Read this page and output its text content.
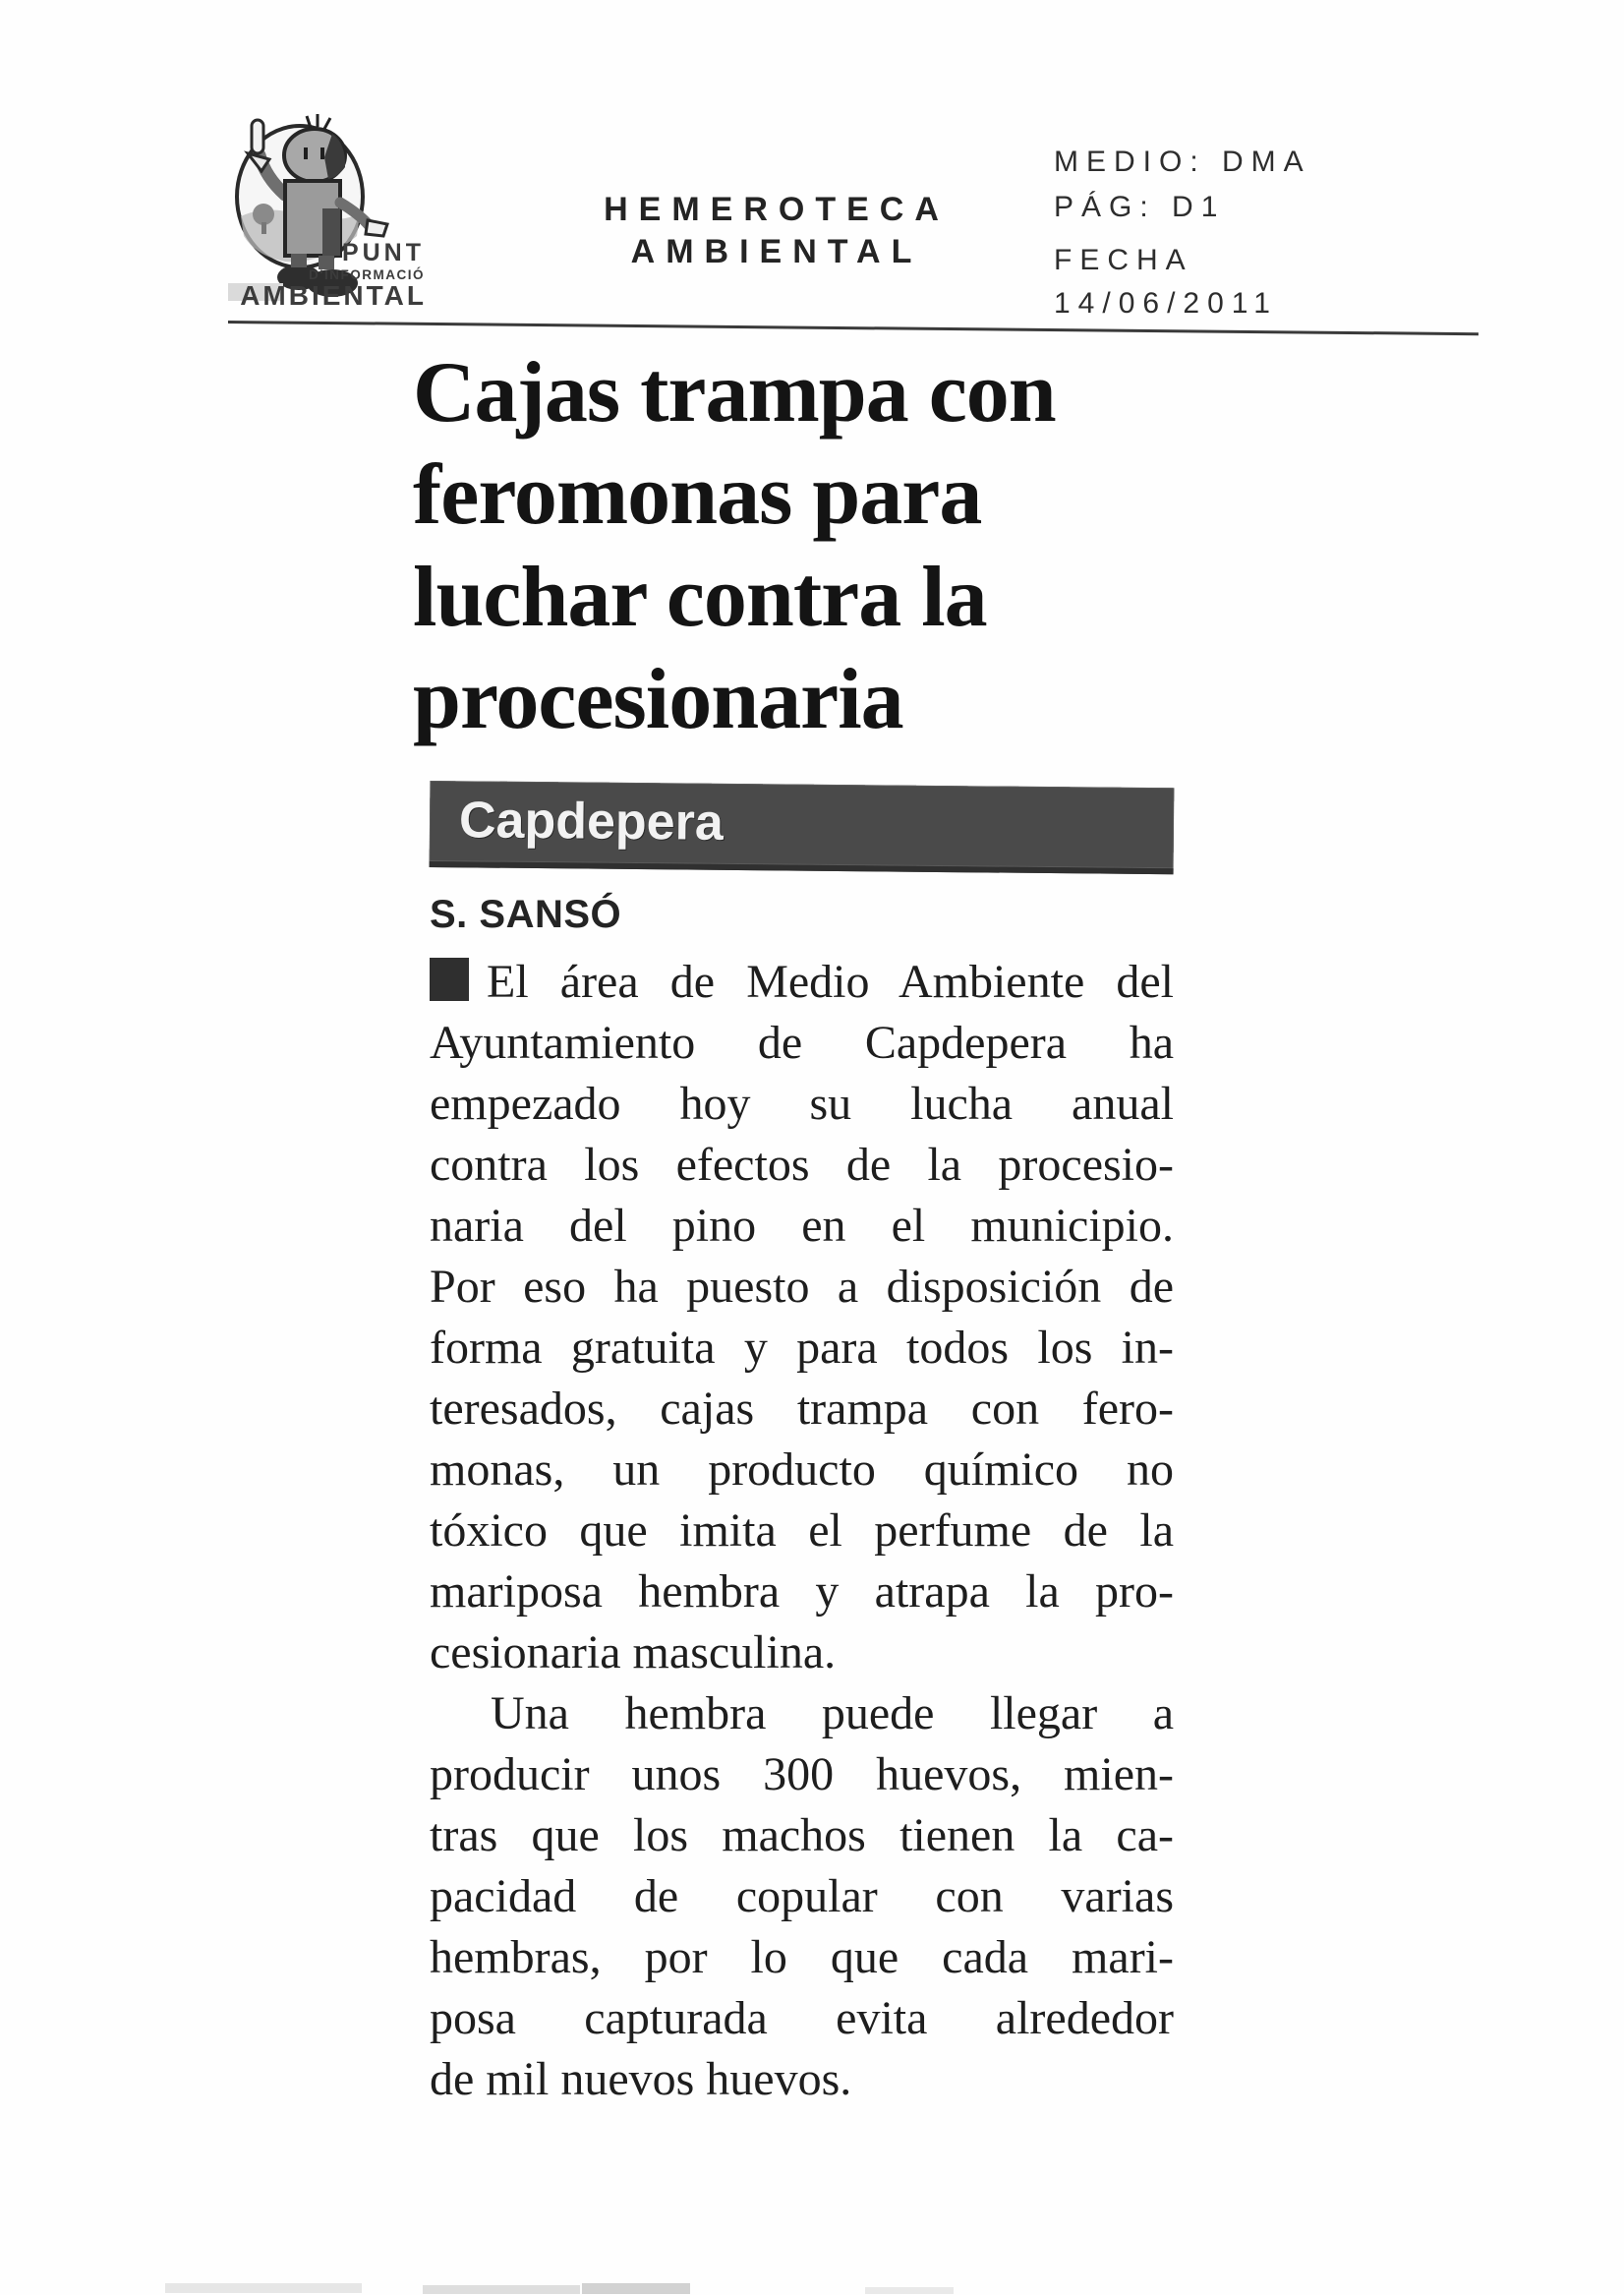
PUNT
D'INFORMACIÓ
AMBIENTAL
HEMEROTECA
AMBIENTAL
MEDIO: DMA
PÁG: D1
FECHA
14/06/2011
Cajas trampa con
feromonas para
luchar contra la
procesionaria
Capdepera
S. SANSÓ
El área de Medio Ambiente del
Ayuntamiento de Capdepera ha
empezado hoy su lucha anual
contra los efectos de la procesio-
naria del pino en el municipio.
Por eso ha puesto a disposición de
forma gratuita y para todos los in-
teresados, cajas trampa con fero-
monas, un producto químico no
tóxico que imita el perfume de la
mariposa hembra y atrapa la pro-
cesionaria masculina.
Una hembra puede llegar a
producir unos 300 huevos, mien-
tras que los machos tienen la ca-
pacidad de copular con varias
hembras, por lo que cada mari-
posa capturada evita alrededor
de mil nuevos huevos.
